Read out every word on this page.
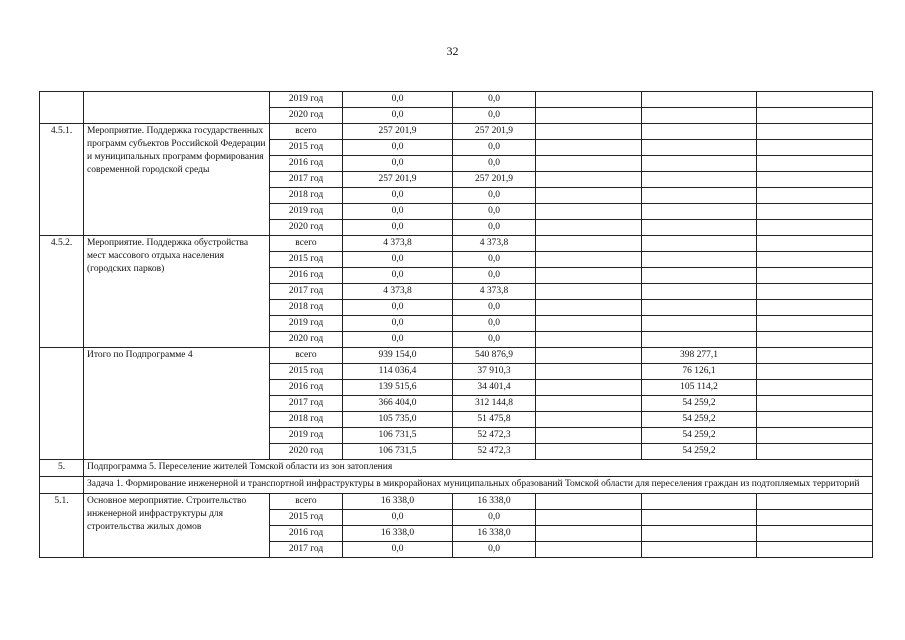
32
		2019 год	0,0	0,0			
		2020 год	0,0	0,0			
4.5.1.	Мероприятие. Поддержка государственных программ субъектов Российской Федерации и муниципальных программ формирования современной городской среды	всего	257 201,9	257 201,9			
		2015 год	0,0	0,0			
		2016 год	0,0	0,0			
		2017 год	257 201,9	257 201,9			
		2018 год	0,0	0,0			
		2019 год	0,0	0,0			
		2020 год	0,0	0,0			
4.5.2.	Мероприятие. Поддержка обустройства мест массового отдыха населения (городских парков)	всего	4 373,8	4 373,8			
		2015 год	0,0	0,0			
		2016 год	0,0	0,0			
		2017 год	4 373,8	4 373,8			
		2018 год	0,0	0,0			
		2019 год	0,0	0,0			
		2020 год	0,0	0,0			
	Итого по Подпрограмме 4	всего	939 154,0	540 876,9		398 277,1	
		2015 год	114 036,4	37 910,3		76 126,1	
		2016 год	139 515,6	34 401,4		105 114,2	
		2017 год	366 404,0	312 144,8		54 259,2	
		2018 год	105 735,0	51 475,8		54 259,2	
		2019 год	106 731,5	52 472,3		54 259,2	
		2020 год	106 731,5	52 472,3		54 259,2	
5.	Подпрограмма 5. Переселение жителей Томской области из зон затопления						
	Задача 1. Формирование инженерной и транспортной инфраструктуры в микрорайонах муниципальных образований Томской области для переселения граждан из подтопляемых территорий						
5.1.	Основное мероприятие. Строительство инженерной инфраструктуры для строительства жилых домов	всего	16 338,0	16 338,0			
		2015 год	0,0	0,0			
		2016 год	16 338,0	16 338,0			
		2017 год	0,0	0,0			
